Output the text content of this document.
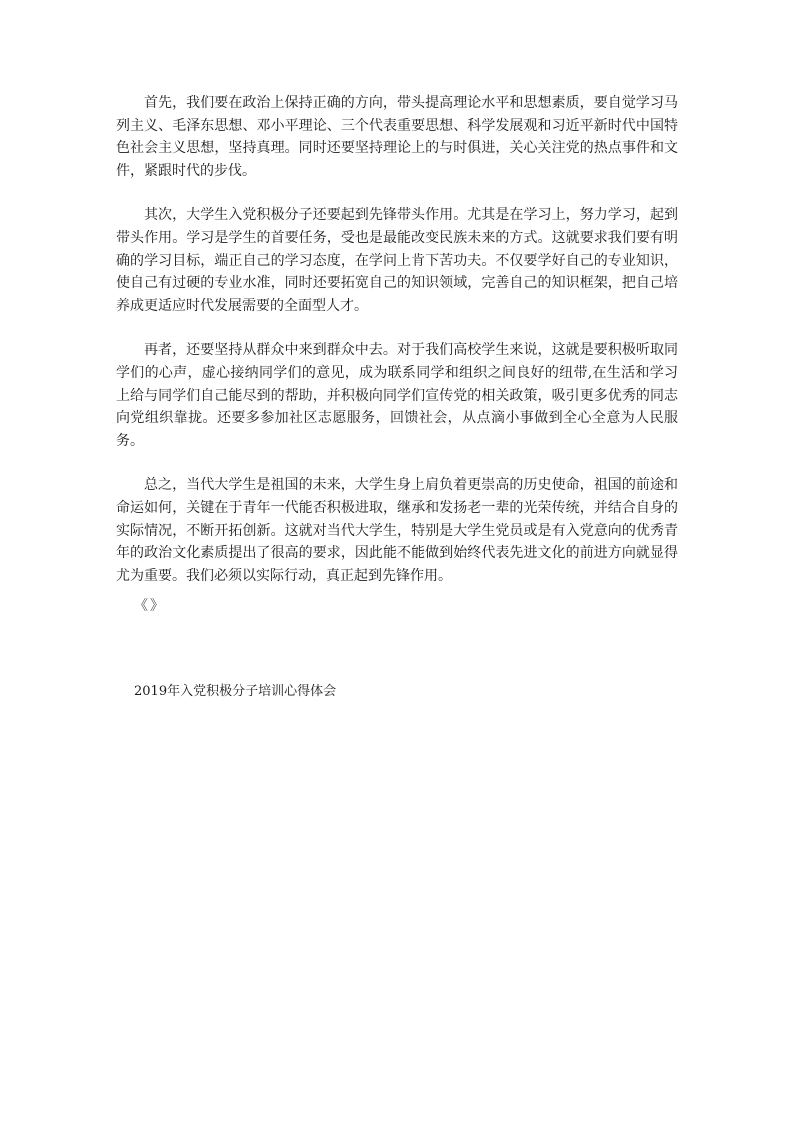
首先，我们要在政治上保持正确的方向，带头提高理论水平和思想素质，要自觉学习马列主义、毛泽东思想、邓小平理论、三个代表重要思想、科学发展观和习近平新时代中国特色社会主义思想，坚持真理。同时还要坚持理论上的与时俱进，关心关注党的热点事件和文件，紧跟时代的步伐。

其次，大学生入党积极分子还要起到先锋带头作用。尤其是在学习上，努力学习，起到带头作用。学习是学生的首要任务，受也是最能改变民族未来的方式。这就要求我们要有明确的学习目标，端正自己的学习态度，在学问上肯下苦功夫。不仅要学好自己的专业知识，使自己有过硬的专业水准，同时还要拓宽自己的知识领域，完善自己的知识框架，把自己培养成更适应时代发展需要的全面型人才。

再者，还要坚持从群众中来到群众中去。对于我们高校学生来说，这就是要积极听取同学们的心声，虚心接纳同学们的意见，成为联系同学和组织之间良好的纽带,在生活和学习上给与同学们自己能尽到的帮助，并积极向同学们宣传党的相关政策，吸引更多优秀的同志向党组织靠拢。还要多参加社区志愿服务，回馈社会，从点滴小事做到全心全意为人民服务。

总之，当代大学生是祖国的未来，大学生身上肩负着更崇高的历史使命，祖国的前途和命运如何，关键在于青年一代能否积极进取，继承和发扬老一辈的光荣传统，并结合自身的实际情况，不断开拓创新。这就对当代大学生，特别是大学生党员或是有入党意向的优秀青年的政治文化素质提出了很高的要求，因此能不能做到始终代表先进文化的前进方向就显得尤为重要。我们必须以实际行动，真正起到先锋作用。

《》
2019年入党积极分子培训心得体会
